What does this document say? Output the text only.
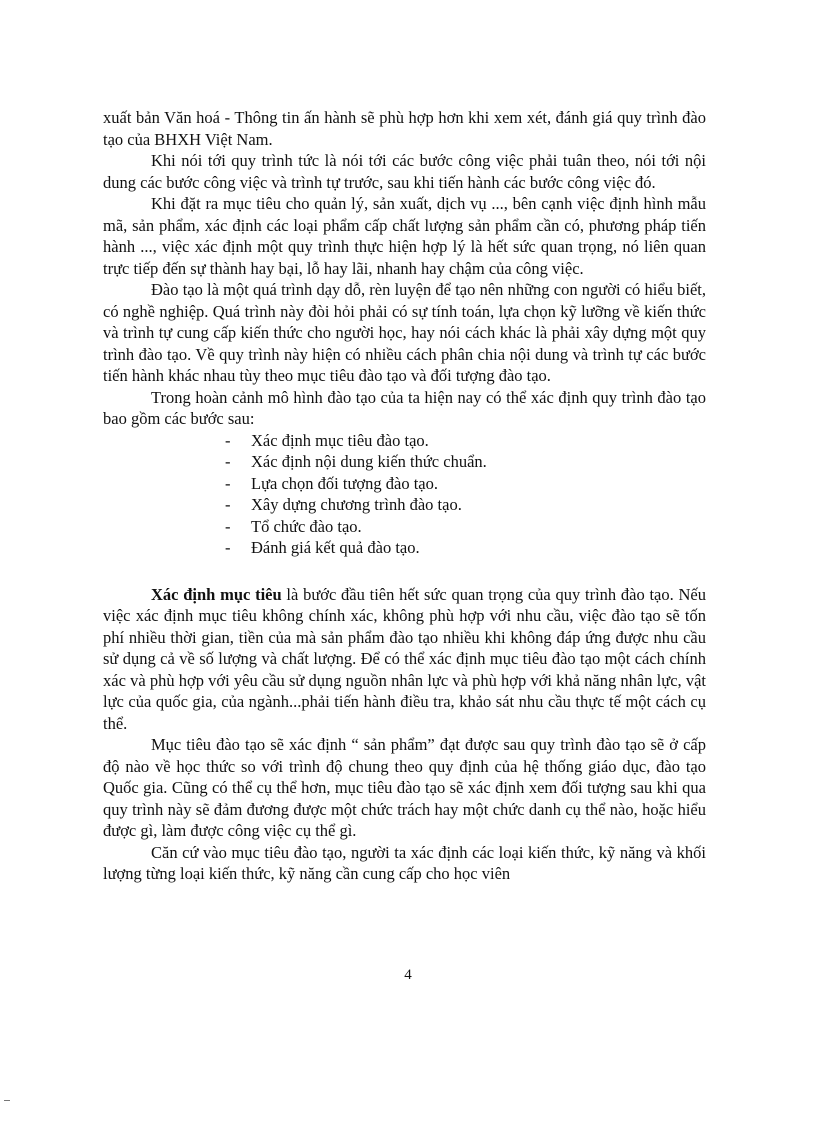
xuất bản Văn hoá - Thông tin ấn hành sẽ phù hợp hơn khi xem xét, đánh giá quy trình đào tạo của BHXH Việt Nam.

Khi nói tới quy trình tức là nói tới các bước công việc phải tuân theo, nói tới nội dung các bước công việc và trình tự trước, sau khi tiến hành các bước công việc đó.

Khi đặt ra mục tiêu cho quản lý, sản xuất, dịch vụ ..., bên cạnh việc định hình mẫu mã, sản phẩm, xác định các loại phẩm cấp chất lượng sản phẩm cần có, phương pháp tiến hành ..., việc xác định một quy trình thực hiện hợp lý là hết sức quan trọng, nó liên quan trực tiếp đến sự thành hay bại, lỗ hay lãi, nhanh hay chậm của công việc.

Đào tạo là một quá trình dạy dỗ, rèn luyện để tạo nên những con người có hiểu biết, có nghề nghiệp. Quá trình này đòi hỏi phải có sự tính toán, lựa chọn kỹ lưỡng về kiến thức và trình tự cung cấp kiến thức cho người học, hay nói cách khác là phải xây dựng một quy trình đào tạo. Về quy trình này hiện có nhiều cách phân chia nội dung và trình tự các bước tiến hành khác nhau tùy theo mục tiêu đào tạo và đối tượng đào tạo.

Trong hoàn cảnh mô hình đào tạo của ta hiện nay có thể xác định quy trình đào tạo bao gồm các bước sau:

- Xác định mục tiêu đào tạo.
- Xác định nội dung kiến thức chuẩn.
- Lựa chọn đối tượng đào tạo.
- Xây dựng chương trình đào tạo.
- Tổ chức đào tạo.
- Đánh giá kết quả đào tạo.

Xác định mục tiêu là bước đầu tiên hết sức quan trọng của quy trình đào tạo. Nếu việc xác định mục tiêu không chính xác, không phù hợp với nhu cầu, việc đào tạo sẽ tốn phí nhiều thời gian, tiền của mà sản phẩm đào tạo nhiều khi không đáp ứng được nhu cầu sử dụng cả về số lượng và chất lượng. Để có thể xác định mục tiêu đào tạo một cách chính xác và phù hợp với yêu cầu sử dụng nguồn nhân lực và phù hợp với khả năng nhân lực, vật lực của quốc gia, của ngành...phải tiến hành điều tra, khảo sát nhu cầu thực tế một cách cụ thể.

Mục tiêu đào tạo sẽ xác định “ sản phẩm” đạt được sau quy trình đào tạo sẽ ở cấp độ nào về học thức so với trình độ chung theo quy định của hệ thống giáo dục, đào tạo Quốc gia. Cũng có thể cụ thể hơn, mục tiêu đào tạo sẽ xác định xem đối tượng sau khi qua quy trình này sẽ đảm đương được một chức trách hay một chức danh cụ thể nào, hoặc hiểu được gì, làm được công việc cụ thể gì.

Căn cứ vào mục tiêu đào tạo, người ta xác định các loại kiến thức, kỹ năng và khối lượng từng loại kiến thức, kỹ năng cần cung cấp cho học viên

4
